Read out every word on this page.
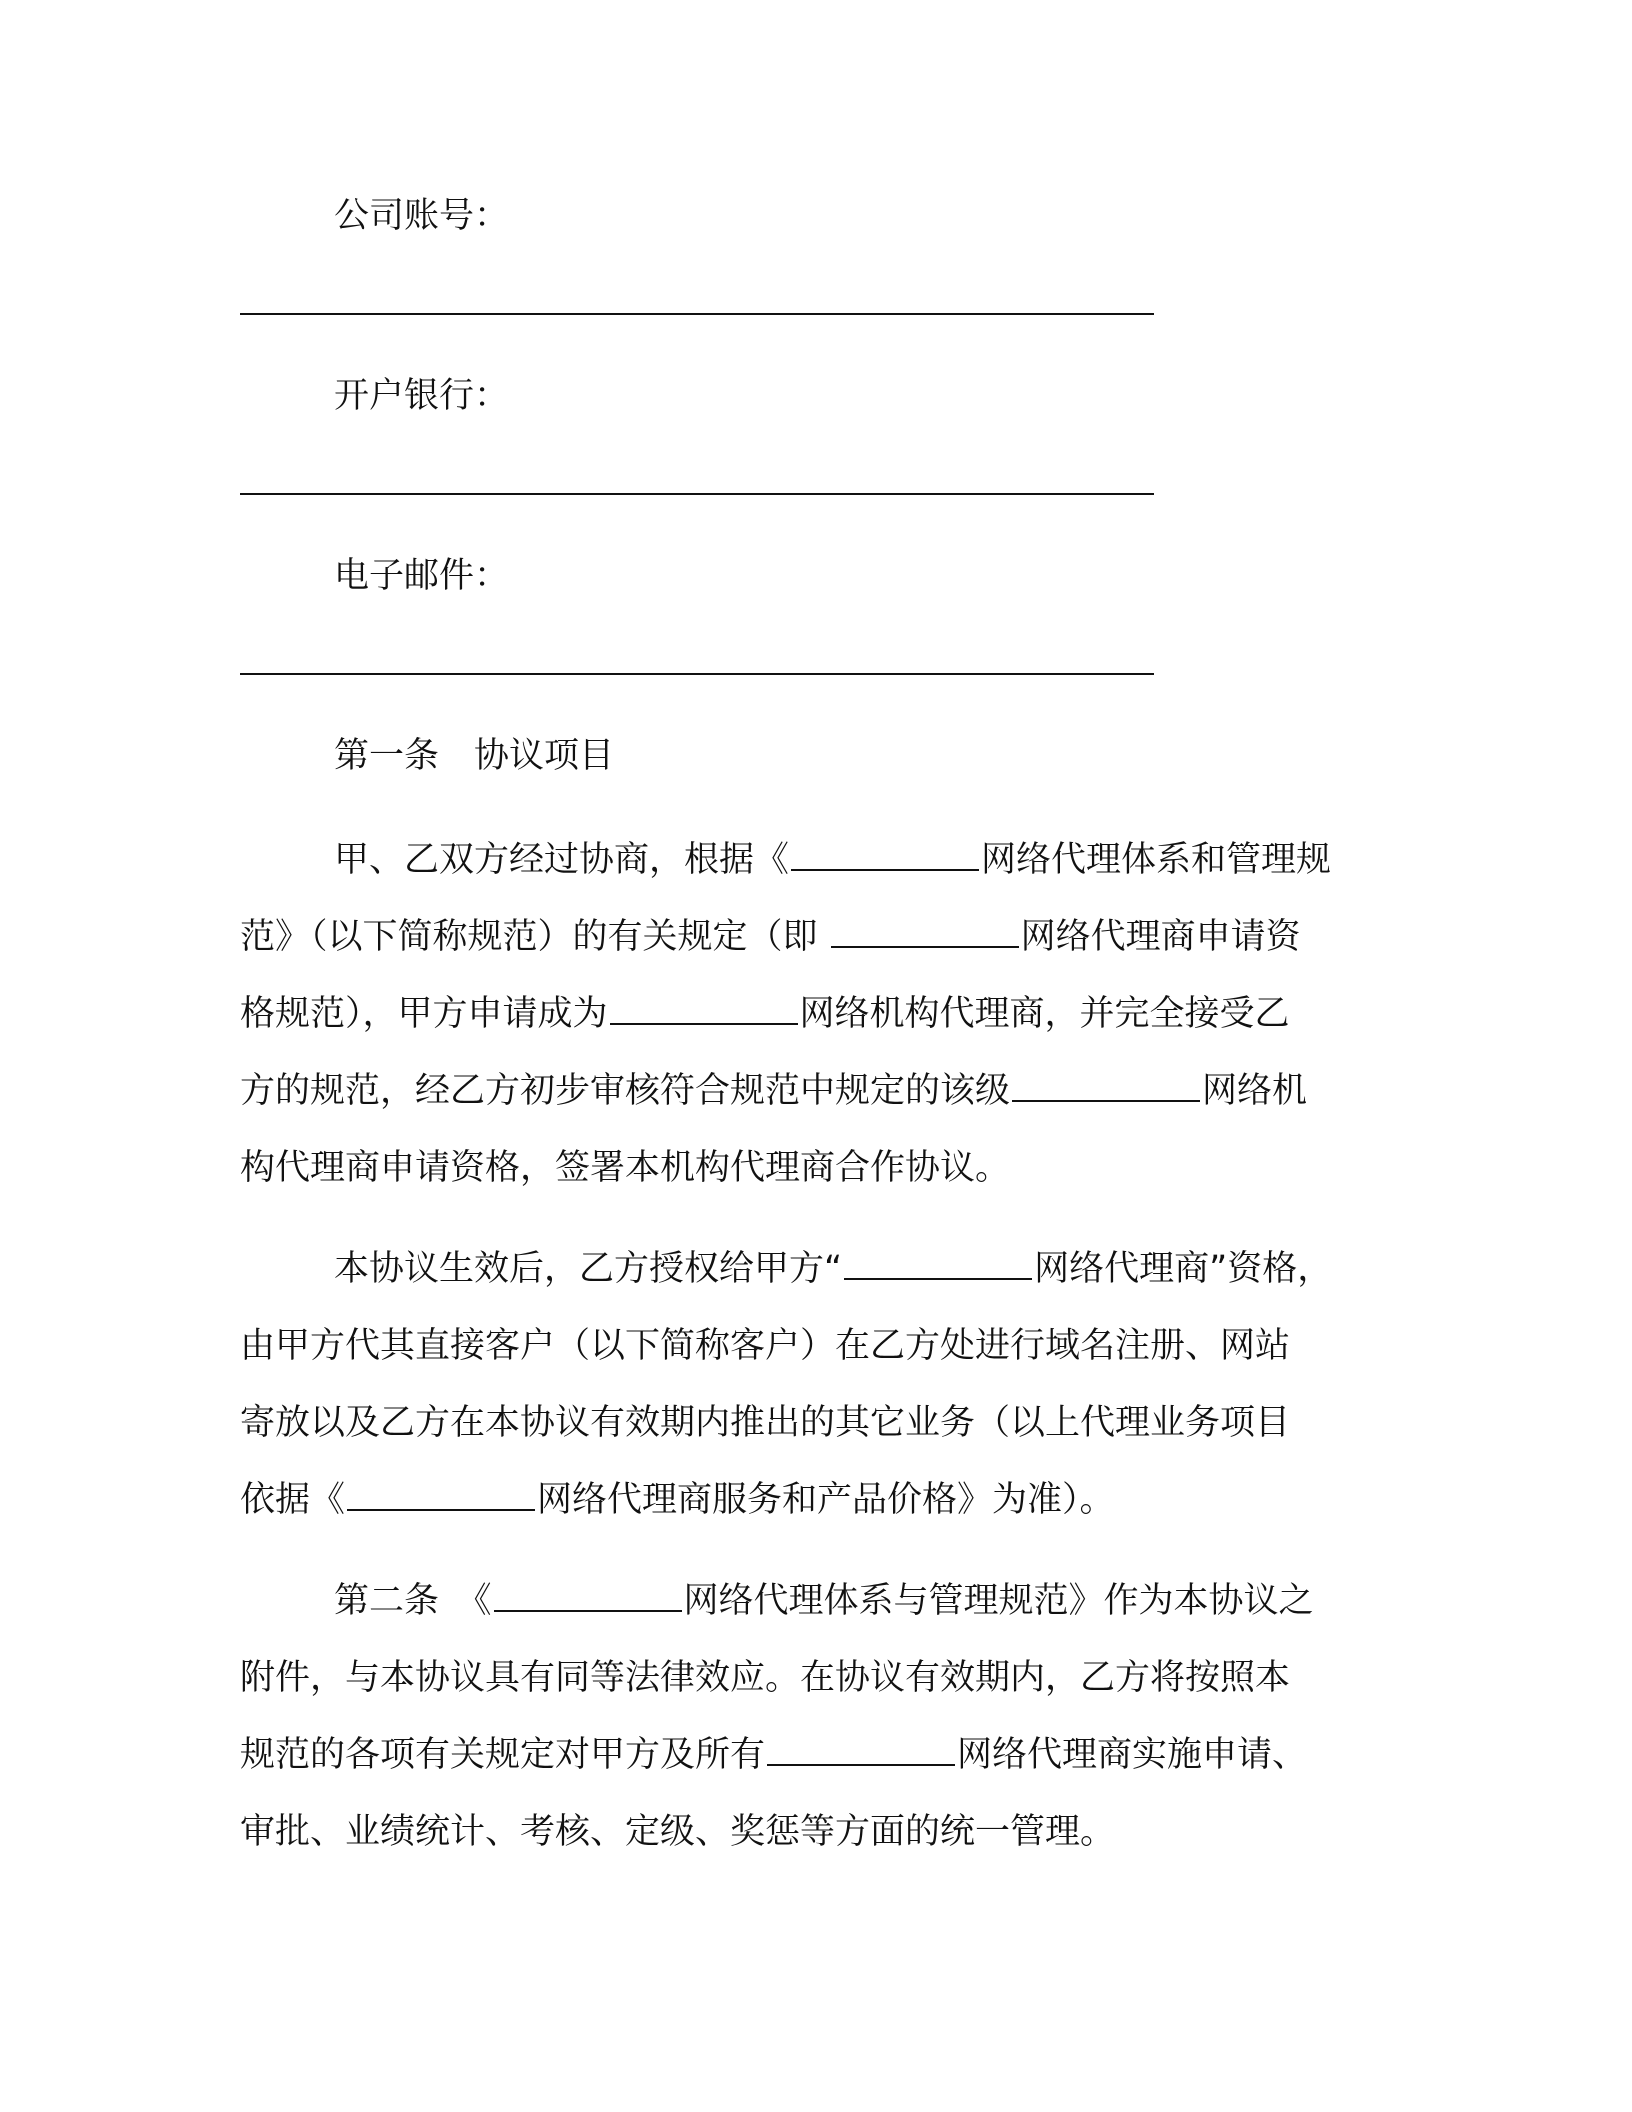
公司账号：
开户银行：
电子邮件：
第一条　协议项目
甲、乙双方经过协商，根据《	网络代理体系和管理规
范》（以下简称规范）的有关规定（即	网络代理商申请资
格规范），甲方申请成为	网络机构代理商，并完全接受乙
方的规范，经乙方初步审核符合规范中规定的该级	网络机
构代理商申请资格，签署本机构代理商合作协议。
本协议生效后，乙方授权给甲方“	网络代理商”资格，
由甲方代其直接客户（以下简称客户）在乙方处进行域名注册、网站
寄放以及乙方在本协议有效期内推出的其它业务（以上代理业务项目
依据《	网络代理商服务和产品价格》为准）。
第二条　《	网络代理体系与管理规范》作为本协议之
附件，与本协议具有同等法律效应。在协议有效期内，乙方将按照本
规范的各项有关规定对甲方及所有	网络代理商实施申请、
审批、业绩统计、考核、定级、奖惩等方面的统一管理。
